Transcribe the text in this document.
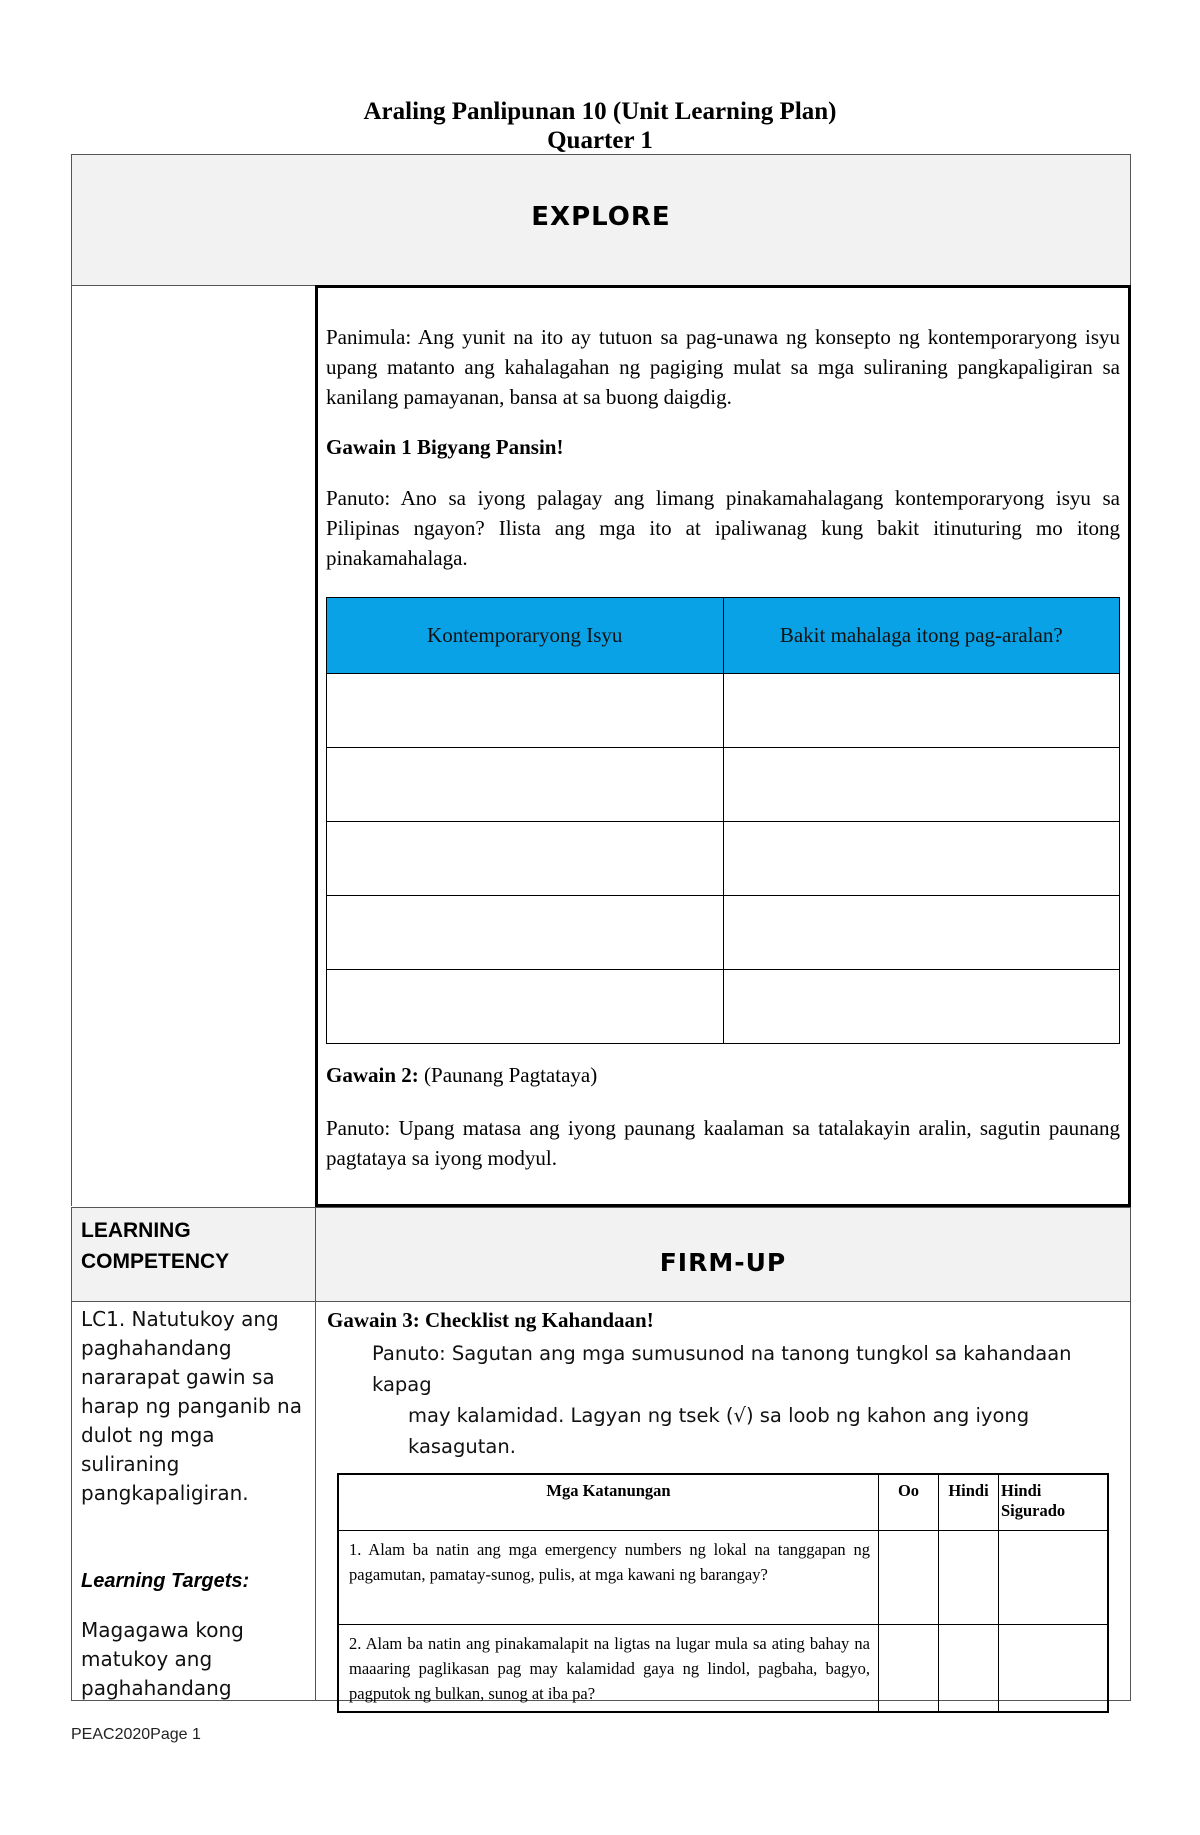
Araling Panlipunan 10 (Unit Learning Plan)
Quarter 1
EXPLORE
Panimula: Ang yunit na ito ay tutuon sa pag-unawa ng konsepto ng kontemporaryong isyu upang matanto ang kahalagahan ng pagiging mulat sa mga suliraning pangkapaligiran sa kanilang pamayanan, bansa at sa buong daigdig.
Gawain 1 Bigyang Pansin!
Panuto: Ano sa iyong palagay ang limang pinakamahalagang kontemporaryong isyu sa Pilipinas ngayon? Ilista ang mga ito at ipaliwanag kung bakit itinuturing mo itong pinakamahalaga.
Kontemporaryong Isyu	Bakit mahalaga itong pag-aralan?

Gawain 2: (Paunang Pagtataya)
Panuto: Upang matasa ang iyong paunang kaalaman sa tatalakayin aralin, sagutin paunang pagtataya sa iyong modyul.
LEARNING
COMPETENCY	FIRM-UP
LC1. Natutukoy ang paghahandang nararapat gawin sa harap ng panganib na dulot ng mga suliraning pangkapaligiran.
Learning Targets:
Magagawa kong matukoy ang paghahandang
Gawain 3: Checklist ng Kahandaan!
Panuto: Sagutan ang mga sumusunod na tanong tungkol sa kahandaan kapag
may kalamidad. Lagyan ng tsek (√) sa loob ng kahon ang iyong
kasagutan.
Mga Katanungan	Oo	Hindi	Hindi Sigurado
1. Alam ba natin ang mga emergency numbers ng lokal na tanggapan ng pagamutan, pamatay-sunog, pulis, at mga kawani ng barangay?			
2. Alam ba natin ang pinakamalapit na ligtas na lugar mula sa ating bahay na maaaring paglikasan pag may kalamidad gaya ng lindol, pagbaha, bagyo, pagputok ng bulkan, sunog at iba pa?			
PEAC2020Page 1
